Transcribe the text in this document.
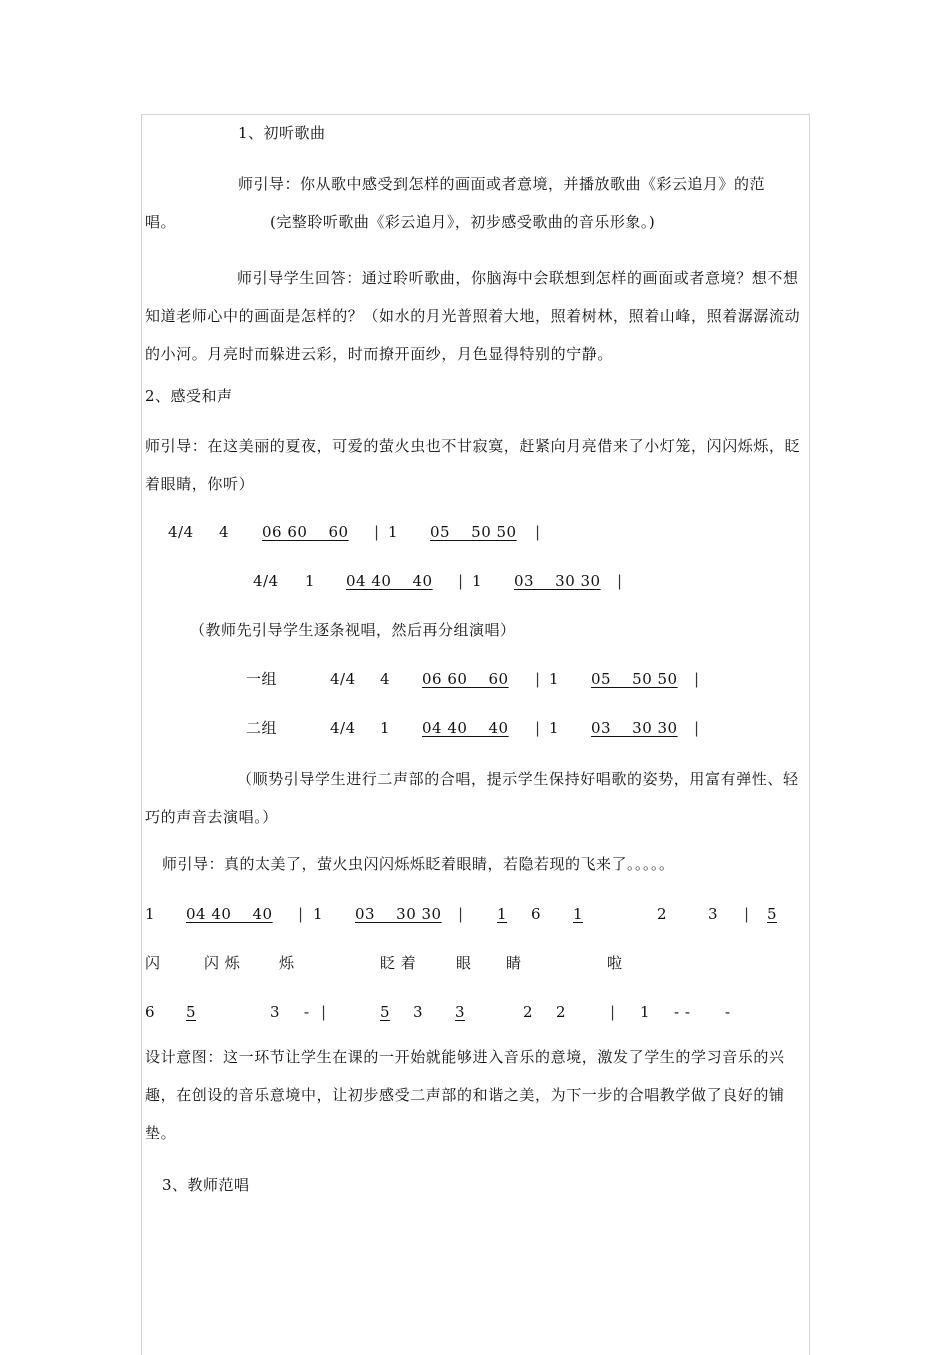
1、初听歌曲
师引导：你从歌中感受到怎样的画面或者意境，并播放歌曲《彩云追月》的范
唱。	(完整聆听歌曲《彩云追月》，初步感受歌曲的音乐形象。)
师引导学生回答：通过聆听歌曲，你脑海中会联想到怎样的画面或者意境？想不想知道老师心中的画面是怎样的？（如水的月光普照着大地，照着树林，照着山峰，照着潺潺流动的小河。月亮时而躲进云彩，时而撩开面纱，月色显得特别的宁静。
2、感受和声
师引导：在这美丽的夏夜，可爱的萤火虫也不甘寂寞，赶紧向月亮借来了小灯笼，闪闪烁烁，眨着眼睛，你听）
4/4 4 06 60    60 | 1 05    50 50 |
4/4 1 04 40    40 | 1 03    30 30 |
（教师先引导学生逐条视唱，然后再分组演唱）
一组	4/4 4 06 60    60 | 1 05    50 50 |
二组	4/4 1 04 40    40 | 1 03    30 30 |
（顺势引导学生进行二声部的合唱，提示学生保持好唱歌的姿势，用富有弹性、轻巧的声音去演唱。）
师引导：真的太美了，萤火虫闪闪烁烁眨着眼睛，若隐若现的飞来了。。。。。
1 04 40    40 | 1 03    30 30 | 1 6 1	2	3 | 5
闪	闪 烁	烁	眨 着	眼 睛	啦
6 5	3 - |	5 3 3	2 2	| 1 - - -
设计意图：这一环节让学生在课的一开始就能够进入音乐的意境，激发了学生的学习音乐的兴趣，在创设的音乐意境中，让初步感受二声部的和谐之美，为下一步的合唱教学做了良好的铺垫。
3、教师范唱
